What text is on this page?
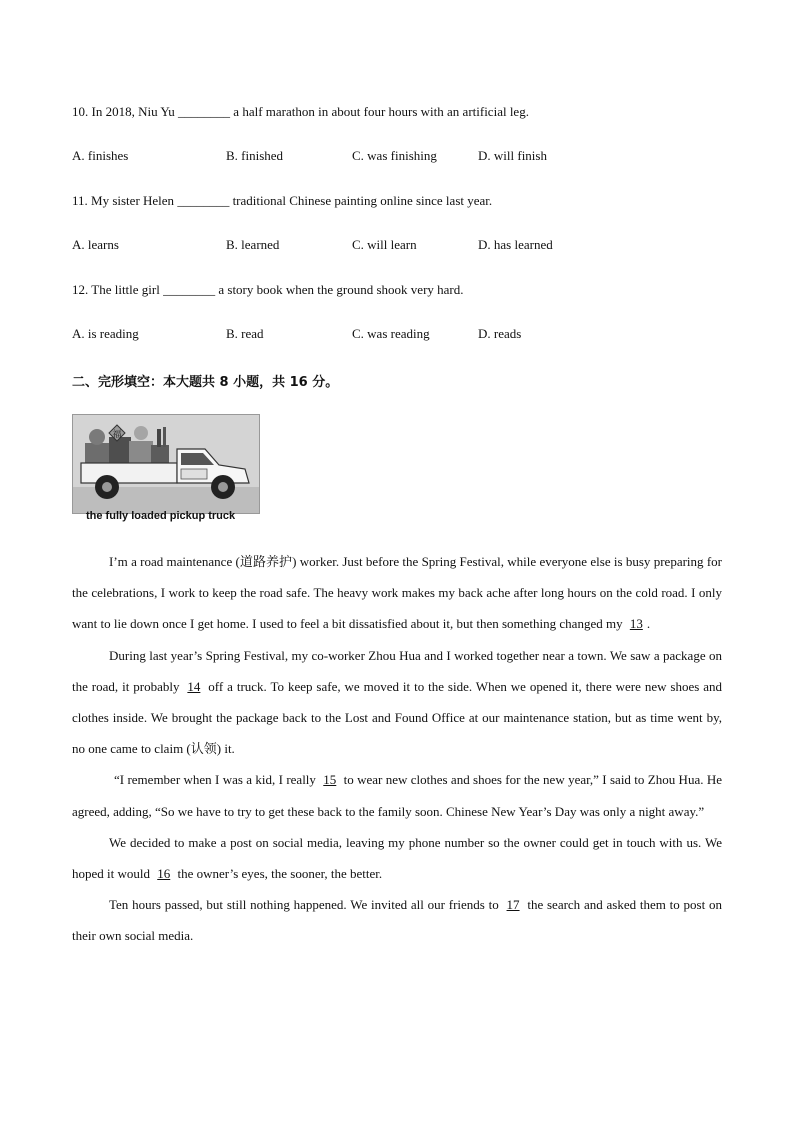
10. In 2018, Niu Yu ________ a half marathon in about four hours with an artificial leg.
A. finishes	B. finished	C. was finishing	D. will finish
11. My sister Helen ________ traditional Chinese painting online since last year.
A. learns	B. learned	C. will learn	D. has learned
12. The little girl ________ a story book when the ground shook very hard.
A. is reading	B. read	C. was reading	D. reads
二、完形填空：本大题共 8 小题，共 16 分。
福
the fully loaded pickup truck

I’m a road maintenance (道路养护) worker. Just before the Spring Festival, while everyone else is busy preparing for the celebrations, I work to keep the road safe. The heavy work makes my back ache after long hours on the cold road. I only want to lie down once I get home. I used to feel a bit dissatisfied about it, but then something changed my 13 .

During last year’s Spring Festival, my co-worker Zhou Hua and I worked together near a town. We saw a package on the road, it probably 14 off a truck. To keep safe, we moved it to the side. When we opened it, there were new shoes and clothes inside. We brought the package back to the Lost and Found Office at our maintenance station, but as time went by, no one came to claim (认领) it.

“I remember when I was a kid, I really 15 to wear new clothes and shoes for the new year,” I said to Zhou Hua. He agreed, adding, “So we have to try to get these back to the family soon. Chinese New Year’s Day was only a night away.”

We decided to make a post on social media, leaving my phone number so the owner could get in touch with us. We hoped it would 16 the owner’s eyes, the sooner, the better.

Ten hours passed, but still nothing happened. We invited all our friends to 17 the search and asked them to post on their own social media.
